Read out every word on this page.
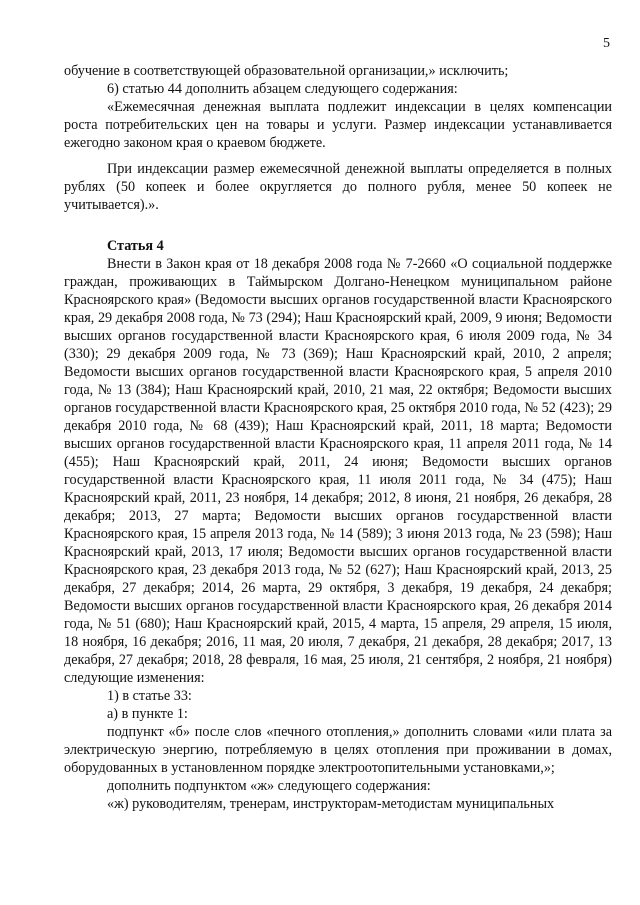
5

обучение в соответствующей образовательной организации,» исключить;

6) статью 44 дополнить абзацем следующего содержания:

«Ежемесячная денежная выплата подлежит индексации в целях компенсации роста потребительских цен на товары и услуги. Размер индексации устанавливается ежегодно законом края о краевом бюджете.

При индексации размер ежемесячной денежной выплаты определяется в полных рублях (50 копеек и более округляется до полного рубля, менее 50 копеек не учитывается).».

Статья 4

Внести в Закон края от 18 декабря 2008 года № 7-2660 «О социальной поддержке граждан, проживающих в Таймырском Долгано-Ненецком муниципальном районе Красноярского края» (Ведомости высших органов государственной власти Красноярского края, 29 декабря 2008 года, № 73 (294); Наш Красноярский край, 2009, 9 июня; Ведомости высших органов государственной власти Красноярского края, 6 июля 2009 года, № 34 (330); 29 декабря 2009 года, № 73 (369); Наш Красноярский край, 2010, 2 апреля; Ведомости высших органов государственной власти Красноярского края, 5 апреля 2010 года, № 13 (384); Наш Красноярский край, 2010, 21 мая, 22 октября; Ведомости высших органов государственной власти Красноярского края, 25 октября 2010 года, № 52 (423); 29 декабря 2010 года, № 68 (439); Наш Красноярский край, 2011, 18 марта; Ведомости высших органов государственной власти Красноярского края, 11 апреля 2011 года, № 14 (455); Наш Красноярский край, 2011, 24 июня; Ведомости высших органов государственной власти Красноярского края, 11 июля 2011 года, № 34 (475); Наш Красноярский край, 2011, 23 ноября, 14 декабря; 2012, 8 июня, 21 ноября, 26 декабря, 28 декабря; 2013, 27 марта; Ведомости высших органов государственной власти Красноярского края, 15 апреля 2013 года, № 14 (589); 3 июня 2013 года, № 23 (598); Наш Красноярский край, 2013, 17 июля; Ведомости высших органов государственной власти Красноярского края, 23 декабря 2013 года, № 52 (627); Наш Красноярский край, 2013, 25 декабря, 27 декабря; 2014, 26 марта, 29 октября, 3 декабря, 19 декабря, 24 декабря; Ведомости высших органов государственной власти Красноярского края, 26 декабря 2014 года, № 51 (680); Наш Красноярский край, 2015, 4 марта, 15 апреля, 29 апреля, 15 июля, 18 ноября, 16 декабря; 2016, 11 мая, 20 июля, 7 декабря, 21 декабря, 28 декабря; 2017, 13 декабря, 27 декабря; 2018, 28 февраля, 16 мая, 25 июля, 21 сентября, 2 ноября, 21 ноября) следующие изменения:

1) в статье 33:

а) в пункте 1:

подпункт «б» после слов «печного отопления,» дополнить словами «или плата за электрическую энергию, потребляемую в целях отопления при проживании в домах, оборудованных в установленном порядке электроотопительными установками,»;

дополнить подпунктом «ж» следующего содержания:

«ж) руководителям, тренерам, инструкторам-методистам муниципальных
